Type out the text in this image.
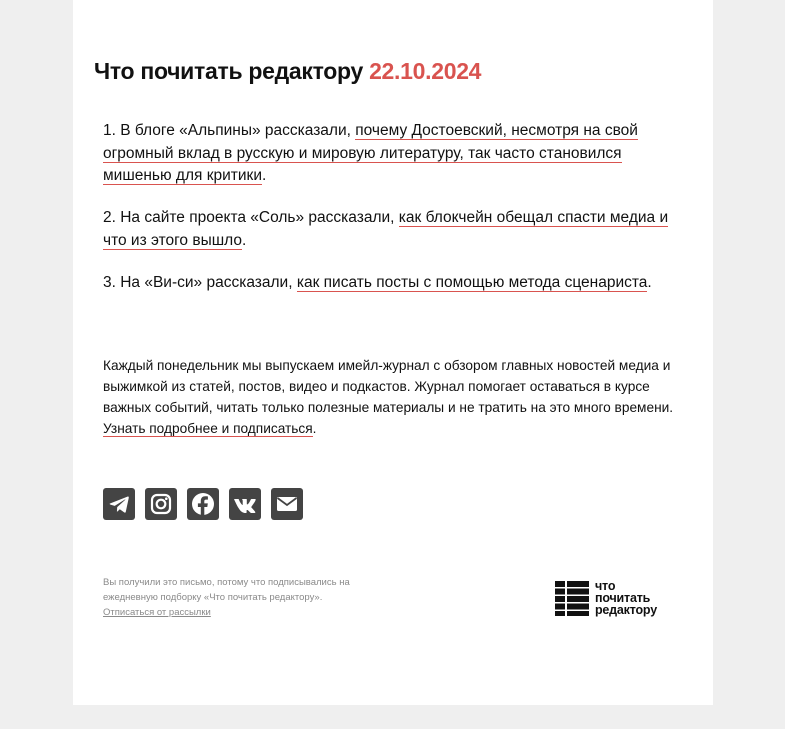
Что почитать редактору 22.10.2024

1. В блоге «Альпины» рассказали, почему Достоевский, несмотря на свой огромный вклад в русскую и мировую литературу, так часто становился мишенью для критики.

2. На сайте проекта «Соль» рассказали, как блокчейн обещал спасти медиа и что из этого вышло.

3. На «Ви-си» рассказали, как писать посты с помощью метода сценариста.

Каждый понедельник мы выпускаем имейл-журнал с обзором главных новостей медиа и выжимкой из статей, постов, видео и подкастов. Журнал помогает оставаться в курсе важных событий, читать только полезные материалы и не тратить на это много времени. Узнать подробнее и подписаться.

Вы получили это письмо, потому что подписывались на ежедневную подборку «Что почитать редактору».
Отписаться от рассылки

что
почитать
редактору
